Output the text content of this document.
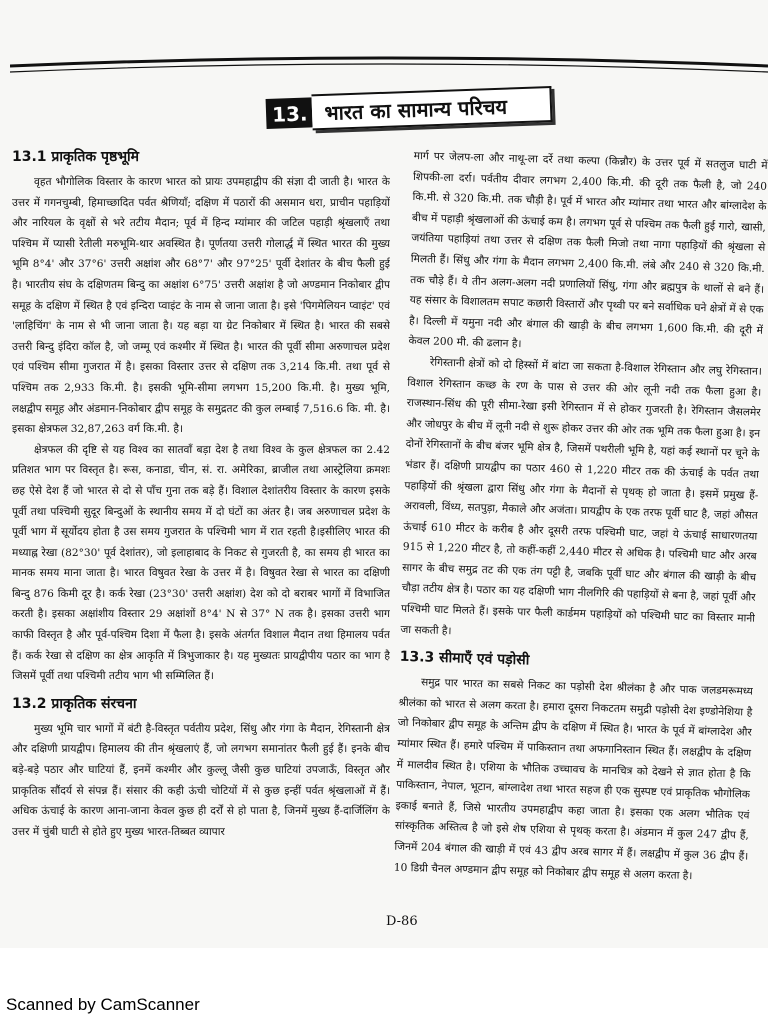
13. भारत का सामान्य परिचय
13.1 प्राकृतिक पृष्ठभूमि

वृहत भौगोलिक विस्तार के कारण भारत को प्रायः उपमहाद्वीप की संज्ञा दी जाती है। भारत के उत्तर में गगनचुम्बी, हिमाच्छादित पर्वत श्रेणियाँ; दक्षिण में पठारों की असमान धरा, प्राचीन पहाड़ियों और नारियल के वृक्षों से भरे तटीय मैदान; पूर्व में हिन्द म्यांमार की जटिल पहाड़ी श्रृंखलाएँ तथा पश्चिम में प्यासी रेतीली मरुभूमि-थार अवस्थित है। पूर्णतया उत्तरी गोलार्द्ध में स्थित भारत की मुख्य भूमि 8°4' और 37°6' उत्तरी अक्षांश और 68°7' और 97°25' पूर्वी देशांतर के बीच फैली हुई है। भारतीय संघ के दक्षिणतम बिन्दु का अक्षांश 6°75' उत्तरी अक्षांश है जो अण्डमान निकोबार द्वीप समूह के दक्षिण में स्थित है एवं इन्दिरा प्वाइंट के नाम से जाना जाता है। इसे 'पिगमेलियन प्वाइंट' एवं 'लाहिचिंग' के नाम से भी जाना जाता है। यह बड़ा या ग्रेट निकोबार में स्थित है। भारत की सबसे उत्तरी बिन्दु इंदिरा कॉल है, जो जम्मू एवं कश्मीर में स्थित है। भारत की पूर्वी सीमा अरुणाचल प्रदेश एवं पश्चिम सीमा गुजरात में है। इसका विस्तार उत्तर से दक्षिण तक 3,214 कि.मी. तथा पूर्व से पश्चिम तक 2,933 कि.मी. है। इसकी भूमि-सीमा लगभग 15,200 कि.मी. है। मुख्य भूमि, लक्षद्वीप समूह और अंडमान-निकोबार द्वीप समूह के समुद्रतट की कुल लम्बाई 7,516.6 कि. मी. है। इसका क्षेत्रफल 32,87,263 वर्ग कि.मी. है।

क्षेत्रफल की दृष्टि से यह विश्व का सातवाँ बड़ा देश है तथा विश्व के कुल क्षेत्रफल का 2.42 प्रतिशत भाग पर विस्तृत है। रूस, कनाडा, चीन, सं. रा. अमेरिका, ब्राजील तथा आस्ट्रेलिया क्रमशः छह ऐसे देश हैं जो भारत से दो से पाँच गुना तक बड़े हैं। विशाल देशांतरीय विस्तार के कारण इसके पूर्वी तथा पश्चिमी सुदूर बिन्दुओं के स्थानीय समय में दो घंटों का अंतर है। जब अरुणाचल प्रदेश के पूर्वी भाग में सूर्योदय होता है उस समय गुजरात के पश्चिमी भाग में रात रहती है।इसीलिए भारत की मध्याह्न रेखा (82°30' पूर्व देशांतर), जो इलाहाबाद के निकट से गुजरती है, का समय ही भारत का मानक समय माना जाता है। भारत विषुवत रेखा के उत्तर में है। विषुवत रेखा से भारत का दक्षिणी बिन्दु 876 किमी दूर है। कर्क रेखा (23°30' उत्तरी अक्षांश) देश को दो बराबर भागों में विभाजित करती है। इसका अक्षांशीय विस्तार 29 अक्षांशों 8°4' N से 37° N तक है। इसका उत्तरी भाग काफी विस्तृत है और पूर्व-पश्चिम दिशा में फैला है। इसके अंतर्गत विशाल मैदान तथा हिमालय पर्वत हैं। कर्क रेखा से दक्षिण का क्षेत्र आकृति में त्रिभुजाकार है। यह मुख्यतः प्रायद्वीपीय पठार का भाग है जिसमें पूर्वी तथा पश्चिमी तटीय भाग भी सम्मिलित हैं।

13.2 प्राकृतिक संरचना

मुख्य भूमि चार भागों में बंटी है-विस्तृत पर्वतीय प्रदेश, सिंधु और गंगा के मैदान, रेगिस्तानी क्षेत्र और दक्षिणी प्रायद्वीप। हिमालय की तीन श्रृंखलाएं हैं, जो लगभग समानांतर फैली हुई हैं। इनके बीच बड़े-बड़े पठार और घाटियां हैं, इनमें कश्मीर और कुल्लू जैसी कुछ घाटियां उपजाऊँ, विस्तृत और प्राकृतिक सौंदर्य से संपन्न हैं। संसार की कही ऊंची चोटियों में से कुछ इन्हीं पर्वत श्रृंखलाओं में हैं। अधिक ऊंचाई के कारण आना-जाना केवल कुछ ही दर्रों से हो पाता है, जिनमें मुख्य हैं-दार्जिलिंग के उत्तर में चुंबी घाटी से होते हुए मुख्य भारत-तिब्बत व्यापार

मार्ग पर जेलप-ला और नाथू-ला दर्रे तथा कल्पा (किन्नौर) के उत्तर पूर्व में सतलुज घाटी में शिपकी-ला दर्रा। पर्वतीय दीवार लगभग 2,400 कि.मी. की दूरी तक फैली है, जो 240 कि.मी. से 320 कि.मी. तक चौड़ी है। पूर्व में भारत और म्यांमार तथा भारत और बांग्लादेश के बीच में पहाड़ी श्रृंखलाओं की ऊंचाई कम है। लगभग पूर्व से पश्चिम तक फैली हुई गारो, खासी, जयंतिया पहाड़ियां तथा उत्तर से दक्षिण तक फैली मिजो तथा नागा पहाड़ियों की श्रृंखला से मिलती हैं। सिंधु और गंगा के मैदान लगभग 2,400 कि.मी. लंबे और 240 से 320 कि.मी. तक चौड़े हैं। ये तीन अलग-अलग नदी प्रणालियों सिंधु, गंगा और ब्रह्मपुत्र के थालों से बने हैं। यह संसार के विशालतम सपाट कछारी विस्तारों और पृथ्वी पर बने सर्वाधिक घने क्षेत्रों में से एक है। दिल्ली में यमुना नदी और बंगाल की खाड़ी के बीच लगभग 1,600 कि.मी. की दूरी में केवल 200 मी. की ढलान है।

रेगिस्तानी क्षेत्रों को दो हिस्सों में बांटा जा सकता है-विशाल रेगिस्तान और लघु रेगिस्तान। विशाल रेगिस्तान कच्छ के रण के पास से उत्तर की ओर लूनी नदी तक फैला हुआ है। राजस्थान-सिंध की पूरी सीमा-रेखा इसी रेगिस्तान में से होकर गुजरती है। रेगिस्तान जैसलमेर और जोधपुर के बीच में लूनी नदी से शुरू होकर उत्तर की ओर तक भूमि तक फैला हुआ है। इन दोनों रेगिस्तानों के बीच बंजर भूमि क्षेत्र है, जिसमें पथरीली भूमि है, यहां कई स्थानों पर चूने के भंडार हैं। दक्षिणी प्रायद्वीप का पठार 460 से 1,220 मीटर तक की ऊंचाई के पर्वत तथा पहाड़ियों की श्रृंखला द्वारा सिंधु और गंगा के मैदानों से पृथक् हो जाता है। इसमें प्रमुख हैं-अरावली, विंध्य, सतपुड़ा, मैकाले और अजंता। प्रायद्वीप के एक तरफ पूर्वी घाट है, जहां औसत ऊंचाई 610 मीटर के करीब है और दूसरी तरफ पश्चिमी घाट, जहां ये ऊंचाई साधारणतया 915 से 1,220 मीटर है, तो कहीं-कहीं 2,440 मीटर से अधिक है। पश्चिमी घाट और अरब सागर के बीच समुद्र तट की एक तंग पट्टी है, जबकि पूर्वी घाट और बंगाल की खाड़ी के बीच चौड़ा तटीय क्षेत्र है। पठार का यह दक्षिणी भाग नीलगिरि की पहाड़ियों से बना है, जहां पूर्वी और पश्चिमी घाट मिलते हैं। इसके पार फैली कार्डमम पहाड़ियों को पश्चिमी घाट का विस्तार मानी जा सकती है।

13.3 सीमाएँ एवं पड़ोसी

समुद्र पार भारत का सबसे निकट का पड़ोसी देश श्रीलंका है और पाक जलडमरूमध्य श्रीलंका को भारत से अलग करता है। हमारा दूसरा निकटतम समुद्री पड़ोसी देश इण्डोनेशिया है जो निकोबार द्वीप समूह के अन्तिम द्वीप के दक्षिण में स्थित है। भारत के पूर्व में बांग्लादेश और म्यांमार स्थित हैं। हमारे पश्चिम में पाकिस्तान तथा अफगानिस्तान स्थित हैं। लक्षद्वीप के दक्षिण में मालदीव स्थित है। एशिया के भौतिक उच्चावच के मानचित्र को देखने से ज्ञात होता है कि पाकिस्तान, नेपाल, भूटान, बांग्लादेश तथा भारत सहज ही एक सुस्पष्ट एवं प्राकृतिक भौगोलिक इकाई बनाते हैं, जिसे भारतीय उपमहाद्वीप कहा जाता है। इसका एक अलग भौतिक एवं सांस्कृतिक अस्तित्व है जो इसे शेष एशिया से पृथक् करता है। अंडमान में कुल 247 द्वीप हैं, जिनमें 204 बंगाल की खाड़ी में एवं 43 द्वीप अरब सागर में हैं। लक्षद्वीप में कुल 36 द्वीप हैं। 10 डिग्री चैनल अण्डमान द्वीप समूह को निकोबार द्वीप समूह से अलग करता है।

D-86
Scanned by CamScanner
